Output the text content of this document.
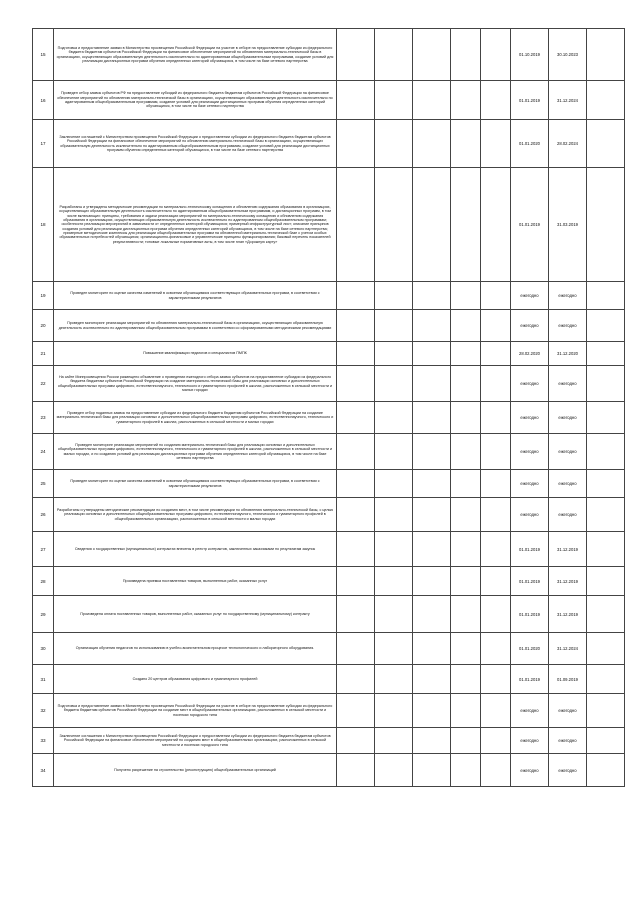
15	Подготовка и предоставление заявки в Министерство просвещения Российской Федерации на участие в отборе на предоставление субсидии из федерального бюджета бюджетам субъектов Российской Федерации на финансовое обеспечение мероприятий по обновлению материально-технической базы в организациях, осуществляющих образовательную деятельность исключительно по адаптированным общеобразовательным программам, создание условий для реализации дистанционных программ обучения определенных категорий обучающихся, в том числе на базе сетевого партнерства						01.10.2019	30.10.2023	
16	Проведен отбор заявок субъектов РФ на предоставление субсидий из федерального бюджета бюджетам субъектов Российской Федерации на финансовое обеспечение мероприятий по обновлению материально-технической базы в организациях, осуществляющих образовательную деятельность исключительно по адаптированным общеобразовательным программам, создание условий для реализации дистанционных программ обучения определенных категорий обучающихся, в том числе на базе сетевого партнерства						01.01.2019	31.12.2024	
17	Заключение соглашений с Министерством просвещения Российской Федерации о предоставлении субсидии из федерального бюджета бюджетам субъектов Российской Федерации на финансовое обеспечение мероприятий по обновлению материально-технической базы в организациях, осуществляющих образовательную деятельность исключительно по адаптированным общеобразовательным программам, создание условий для реализации дистанционных программ обучения определенных категорий обучающихся, в том числе на базе сетевого партнерства						01.01.2020	28.02.2024	
18	Разработаны и утверждены методические рекомендации по материально-техническому оснащению и обновлению содержания образования в организациях, осуществляющих образовательную деятельность исключительно по адаптированным общеобразовательным программам, и дистанционных программ, в том числе включающих: принципы, требования и задачи реализации мероприятий по материально-техническому оснащению и обновлению содержания образования в организациях, осуществляющих образовательную деятельность исключительно по адаптированным общеобразовательным программам; особенности реализации мероприятий в зависимости от определенных категорий обучающихся; примерный инфраструктурный лист; описание принципов создания условий для реализации дистанционных программ обучения определенных категорий обучающихся, в том числе на базе сетевого партнерства; примерные методические комплексы для реализации общеобразовательных программ на обновленной материально-технической базе с учетом особых образовательных потребностей обучающихся; организационно-финансовые и управленческие принципы функционирования; базовый перечень показателей результативности; типовые локальные нормативные акты, в том числе план «Дорожную карту»						01.01.2019	31.03.2019	
19	Проведен мониторинг по оценке качества изменений в освоении обучающимися соответствующих образовательных программ, в соответствии с характеристиками результатов						ежегодно	ежегодно	
20	Проведен мониторинг реализации мероприятий по обновлению материально-технической базы в организациях, осуществляющих образовательную деятельность исключительно по адаптированным общеобразовательным программам в соответствии со сформированными методическими рекомендациями						ежегодно	ежегодно	
21	Повышение квалификации педагогов и специалистов ПМПК						28.02.2020	31.12.2020	
22	На сайте Минпросвещения России размещено объявление о проведении ежегодного отбора заявок субъектов на предоставление субсидии из федерального бюджета бюджетам субъектов Российской Федерации на создание материально-технической базы для реализации основных и дополнительных общеобразовательных программ цифрового, естественнонаучного, технического и гуманитарного профилей в школах, расположенных в сельской местности и малых городах						ежегодно	ежегодно	
23	Проведен отбор поданных заявок на предоставление субсидии из федерального бюджета бюджетам субъектов Российской Федерации на создание материально-технической базы для реализации основных и дополнительных общеобразовательных программ цифрового, естественнонаучного, технического и гуманитарного профилей в школах, расположенных в сельской местности и малых городах						ежегодно	ежегодно	
24	Проведен мониторинг реализации мероприятий по созданию материально-технической базы для реализации основных и дополнительных общеобразовательных программ цифрового, естественнонаучного, технического и гуманитарного профилей в школах, расположенных в сельской местности и малых городах, и по созданию условий для реализации дистанционных программ обучения определенных категорий обучающихся, в том числе на базе сетевого партнерства						ежегодно	ежегодно	
25	Проведен мониторинг по оценке качества изменений в освоении обучающимися соответствующих образовательных программ, в соответствии с характеристиками результатов						ежегодно	ежегодно	
26	Разработаны и утверждены методические рекомендации по созданию мест, в том числе рекомендации по обновлению материально-технической базы, с целью реализации основных и дополнительных общеобразовательных программ цифрового, естественнонаучного, технического и гуманитарного профилей в общеобразовательных организациях, расположенных в сельской местности и малых городах						ежегодно	ежегодно	
27	Сведения о государственных (муниципальных) контрактах внесены в реестр контрактов, заключенных заказчиками по результатам закупок						01.01.2019	31.12.2019	
28	Произведена приемка поставленных товаров, выполненных работ, оказанных услуг						01.01.2019	31.12.2019	
29	Произведена оплата поставленных товаров, выполненных работ, оказанных услуг по государственному (муниципальному) контракту						01.01.2019	31.12.2019	
30	Организация обучения педагогов по использованию в учебно-воспитательном процессе технологического и лабораторного оборудования.						01.01.2020	31.12.2024	
31	Создано 20 центров образования цифрового и гуманитарного профилей						01.01.2019	01.09.2019	
32	Подготовка и предоставление заявки в Министерство просвещения Российской Федерации на участие в отборе на предоставление субсидии из федерального бюджета бюджетам субъектов Российской Федерации на создание мест в общеобразовательных организациях, расположенных в сельской местности и поселках городского типа						ежегодно	ежегодно	
33	Заключение соглашения с Министерством просвещения Российской Федерации о предоставлении субсидии из федерального бюджета бюджетам субъектов Российской Федерации на финансовое обеспечение мероприятий по созданию мест в общеобразовательных организациях, расположенных в сельской местности и поселках городского типа						ежегодно	ежегодно	
34	Получено разрешение на строительство (реконструкцию) общеобразовательных организаций						ежегодно	ежегодно	
